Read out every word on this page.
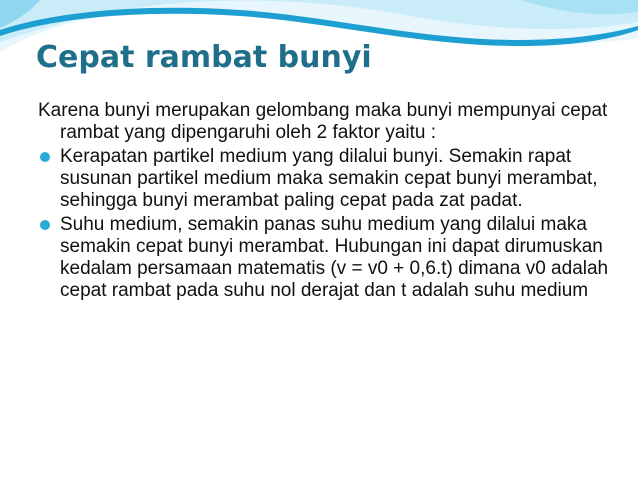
Cepat rambat bunyi

Karena bunyi merupakan gelombang maka bunyi mempunyai cepat rambat yang dipengaruhi oleh 2 faktor yaitu :

Kerapatan partikel medium yang dilalui bunyi. Semakin rapat susunan partikel medium maka semakin cepat bunyi merambat, sehingga bunyi merambat paling cepat pada zat padat.
Suhu medium, semakin panas suhu medium yang dilalui maka semakin cepat bunyi merambat. Hubungan ini dapat dirumuskan kedalam persamaan matematis (v = v0 + 0,6.t) dimana v0 adalah cepat rambat pada suhu nol derajat dan t adalah suhu medium
